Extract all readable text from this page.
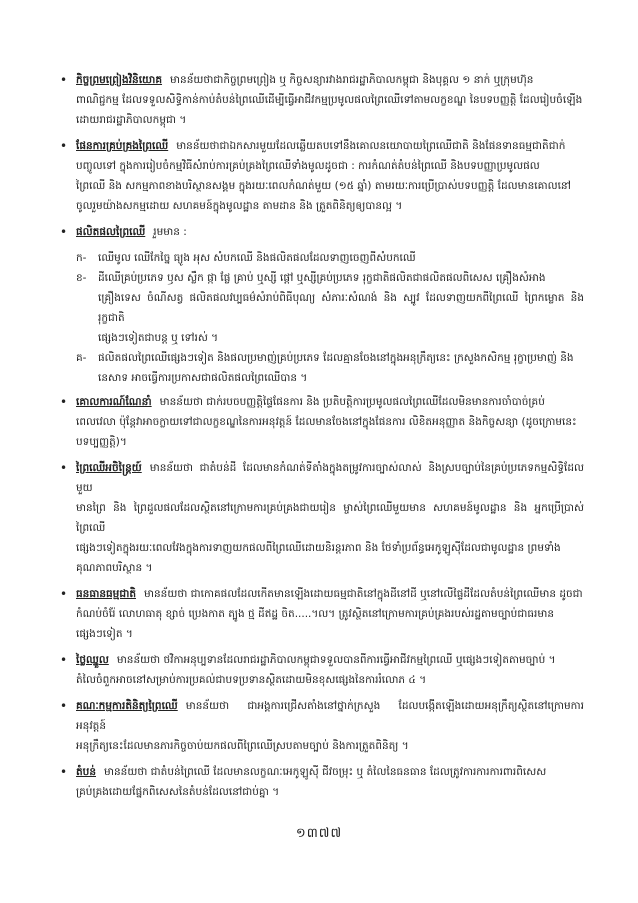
• កិច្ចព្រមព្រៀងវិនិយោគ មានន័យថាជាកិច្ចព្រមព្រៀង ឬ កិច្ចសន្យារវាងរាជរដ្ឋាភិបាលកម្ពុជា និងបុគ្គល ១ នាក់ ឬក្រុមហ៊ុន
ពាណិជ្ជកម្ម ដែលទទួលសិទ្ធិកាន់កាប់តំបន់ព្រៃឈើដើម្បីធ្វើអាជីវកម្មប្រមូលផលព្រៃឈើទៅតាមលក្ខខណ្ឌ នៃបទបញ្ញត្តិ ដែលរៀបចំឡើង
ដោយរាជរដ្ឋាភិបាលកម្ពុជា ។
• ផែនការគ្រប់គ្រងព្រៃឈើ មានន័យថាជាឯកសារមួយដែលឆ្លើយតបទៅនឹងគោលនយោបាយព្រៃឈើជាតិ និងផែនទានធម្មជាតិជាក់
បញ្ចូលទៅ ក្នុងការរៀបចំកម្មវិធីសំរាប់ការគ្រប់គ្រងព្រៃឈើទាំងមូលដូចជា : ការកំណត់តំបន់ព្រៃឈើ និងបទបញ្ញាប្រមូលផល
ព្រៃឈើ និង សកម្មភាពខាងបរិស្ថានសង្គម ក្នុងរយៈពេលកំណត់មួយ (១៥ ឆ្នាំ) តាមរយៈការប្រើប្រាស់បទបញ្ញត្តិ ដែលមានគោលនៅ
ចូលរួមយ៉ាងសកម្មដោយ សហគមន៍ក្នុងមូលដ្ឋាន តាមដាន និង ត្រួតពិនិត្យឲ្យបានល្អ ។
• ផលិតផលព្រៃឈើ រួមមាន :
ក- ឈើមូល ឈើកែច្នៃ ធ្យូង អុស សំបកឈើ និងផលិតផលដែលទាញចេញពីសំបកឈើ
ខ- ដីឈើគ្រប់ប្រភេទ ឫស ស្លឹក ផ្កា ផ្លែ គ្រាប់ ឬស្សី ផ្ដៅ ឬស្សីគ្រប់ប្រភេទ រុក្ខជាតិផលិតជាផលិតផលពិសេស គ្រឿងសំអាង
គ្រឿងទេស ចំណីសត្វ ផលិតផលវប្បធម៌សំរាប់ពិធីបុណ្យ សំភារៈសំណង់ និង ស្បូវ ដែលទាញយកពីព្រៃឈើ ព្រៃកម្លោត និង រុក្ខជាតិ
ផ្សេងៗទៀតជាបន្ត ឬ ទៅរស់ ។
គ- ផលិតផលព្រៃឈើផ្សេងៗទៀត និងផលប្រមាញ់គ្រប់ប្រភេទ ដែលគ្មានចែងនៅក្នុងអនុក្រឹត្យនេះ ក្រសួងកសិកម្ម រុក្ខាប្រមាញ់ និង
នេសាទ អាចធ្វើការប្រកាសជាផលិតផលព្រៃឈើបាន ។
• គោលការណ៍ណែនាំ មានន័យថា ជាក់របចបញ្ញត្តិផ្ទៃផែនការ និង ប្រតិបត្តិការប្រមូលផលព្រៃឈើដែលមិនមានការចាំបាច់គ្រប់
ពេលវេលា ប៉ុន្តែវាអាចក្លាយទៅជាលក្ខខណ្ឌនៃការអនុវត្តន៍ ដែលមានចែងនៅក្នុងផែនការ លិខិតអនុញ្ញាត និងកិច្ចសន្យា (ដូចក្រោមនេះ
បទប្បញ្ញត្តិ)។
• ព្រៃឈើអចិន្ត្រៃយ៍ មានន័យថា ជាតំបន់ដី ដែលមានកំណត់ទីតាំងក្នុងតម្រូវការច្បាស់លាស់ និងស្របច្បាប់នៃគ្រប់ប្រភេទកម្មសិទ្ធិដែលមួយ
មានព្រៃ និង ព្រៃដួលផលដែលស្ថិតនៅក្រោមការគ្រប់គ្រងជាយរៀន ម្ចាស់ព្រៃឈើមួយមាន សហគមន៍មូលដ្ឋាន និង អ្នកប្រើប្រាស់ព្រៃឈើ
ផ្សេងៗទៀតក្នុងរយៈពេលវែងក្នុងការទាញយកផលពីព្រៃឈើដោយនិរន្តរភាព និង ថែទាំប្រព័ន្ធអេកូឡូស៊ីដែលជាមូលដ្ឋាន ព្រមទាំង
គុណភាពបរិស្ថាន ។
• ធនធានធម្មជាតិ មានន័យថា ជាកោគផលដែលកើតមានឡើងដោយធម្មជាតិនៅក្នុងដីនៅដី ឬនៅលើផ្ទៃដីដែលតំបន់ព្រៃឈើមាន ដូចជា
កំណប់ចំរ៉ែ លោហធាតុ ខ្សាច់ ប្រេងកាត ត្បូង ថ្ម ដីឥដ្ឋ ចិត.....។ល។ ត្រូវស្ថិតនៅក្រោមការគ្រប់គ្រងរបស់រដ្ឋតាមច្បាប់ជាធរមាន
ផ្សេងៗទៀត ។
• ថ្លៃឈ្នួល មានន័យថា ថវិកាអនុប្បទានដែលរាជរដ្ឋាភិបាលកម្ពុជាទទួលបានពីការធ្វើអាជីវកម្មព្រៃឈើ ឬផ្សេងៗទៀតតាមច្បាប់ ។
តំលៃចំពួកអាចនៅសម្រាប់ការប្រគល់ជាបទប្រទានស្ថិតដោយមិនខុសផ្សេងនៃការរំលោភ ៤ ។
• គណៈកម្មការតិនិត្យព្រៃឈើ មានន័យថា ជាអង្គការជ្រើសតាំងនៅថ្នាក់ក្រសួង ដែលបង្កើតឡើងដោយអនុក្រឹត្យស្ថិតនៅក្រោមការអនុវត្តន៍
អនុក្រឹត្យនេះដែលមានភារកិច្ចចាប់យកផលពីព្រៃឈើស្របតាមច្បាប់ និងការត្រួតពិនិត្យ ។
• តំបន់ មានន័យថា ជាតំបន់ព្រៃឈើ ដែលមានលក្ខណៈអេកូឡូស៊ី ជីវចម្រុះ ឬ តំលៃនៃធនធាន ដែលត្រូវការការការពារពិសេស
គ្រប់គ្រងដោយផ្នែកពិសេសនៃតំបន់ដែលនៅជាប់គ្នា ។
១៣៧៧
